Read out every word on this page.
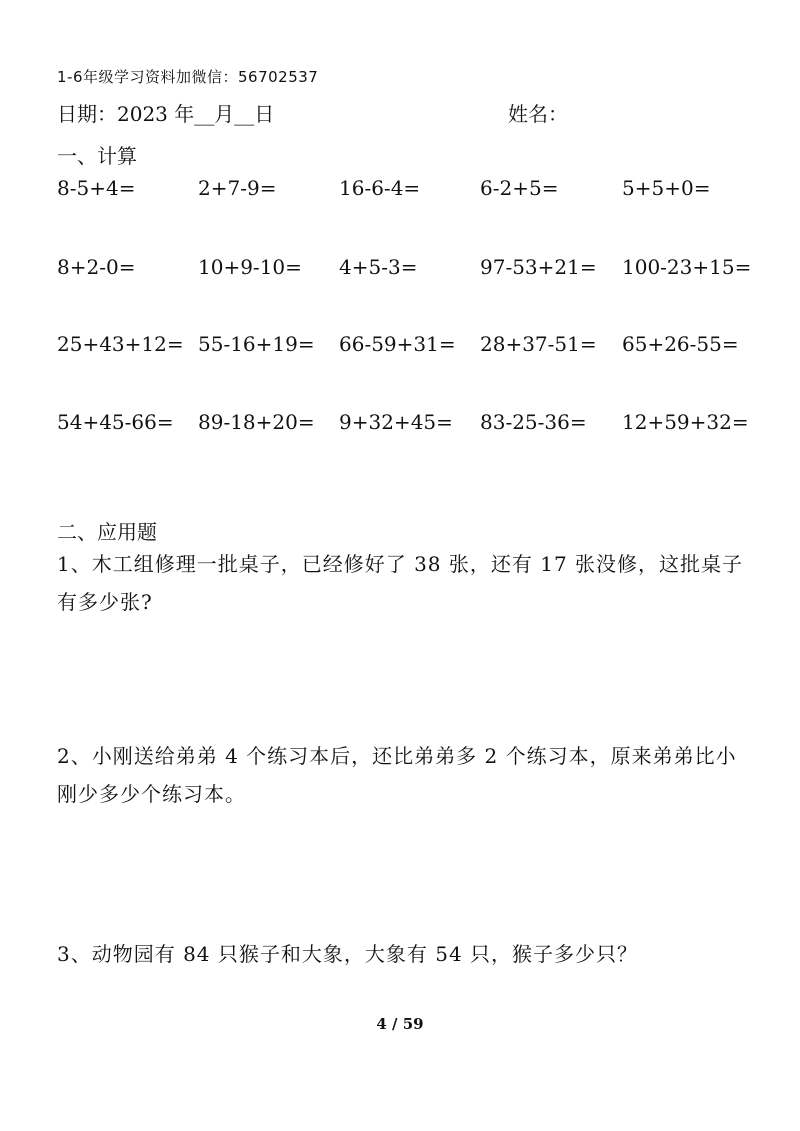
1-6年级学习资料加微信：56702537
日期：2023 年__月__日	姓名：
一、计算
8-5+4=	2+7-9=	16-6-4=	6-2+5=	5+5+0=
8+2-0=	10+9-10= 4+5-3=	97-53+21= 100-23+15=
25+43+12= 55-16+19= 66-59+31= 28+37-51= 65+26-55=
54+45-66= 89-18+20= 9+32+45= 83-25-36= 12+59+32=
二、应用题
1、木工组修理一批桌子，已经修好了 38 张，还有 17 张没修，这批桌子有多少张?
2、小刚送给弟弟 4 个练习本后，还比弟弟多 2 个练习本，原来弟弟比小刚少多少个练习本。
3、动物园有 84 只猴子和大象，大象有 54 只，猴子多少只？
4 / 59
